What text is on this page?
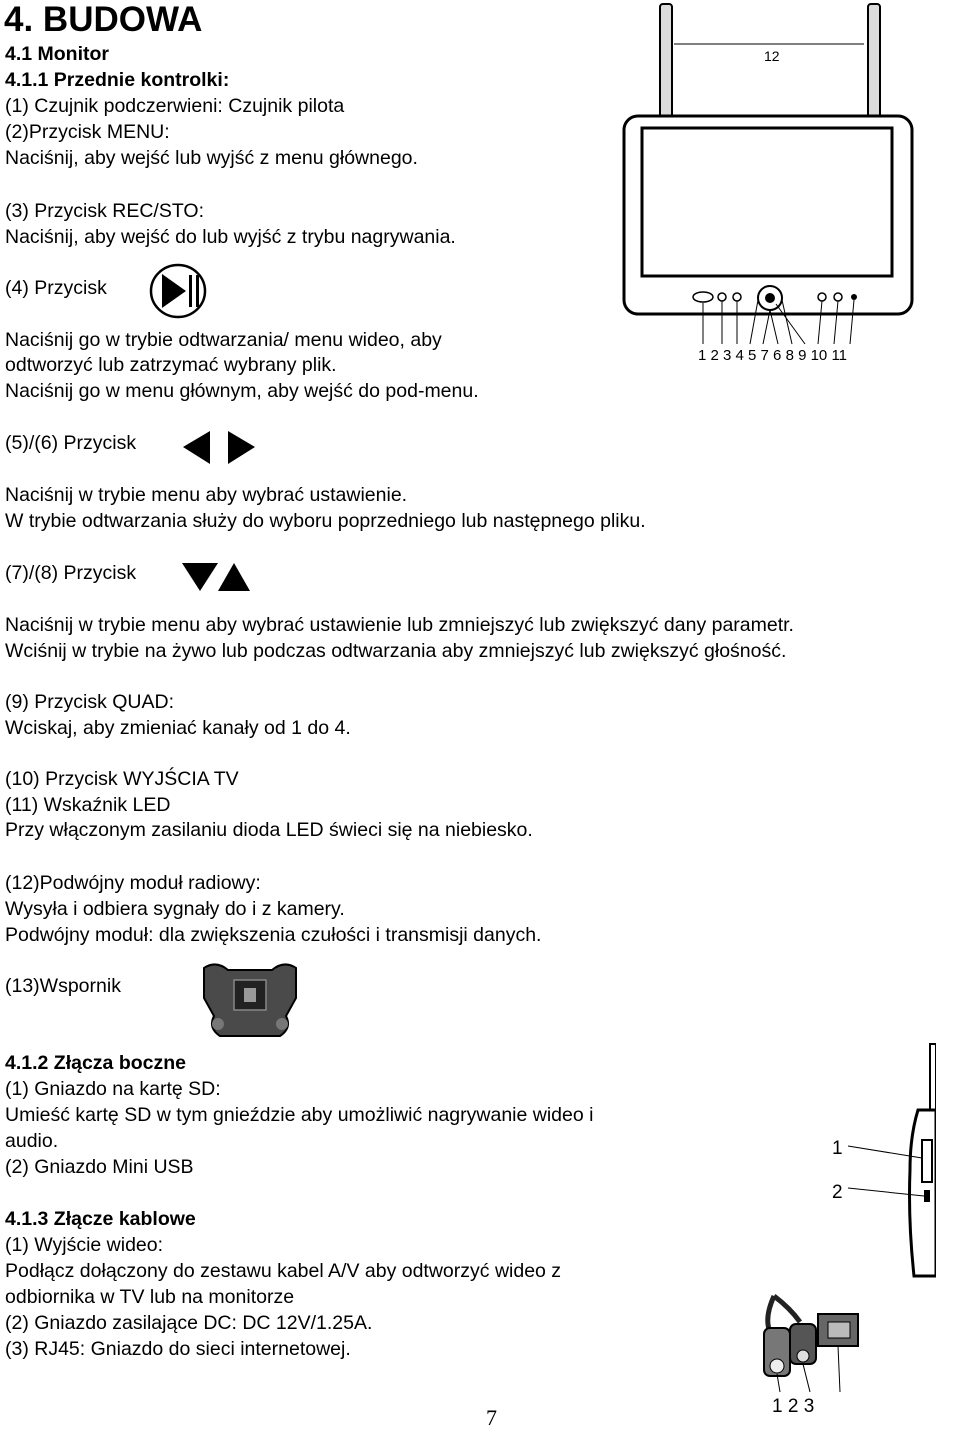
4. BUDOWA
4.1 Monitor
4.1.1 Przednie kontrolki:
(1) Czujnik podczerwieni: Czujnik pilota
(2)Przycisk MENU:
Naciśnij, aby wejść lub wyjść z menu głównego.
(3) Przycisk REC/STO:
Naciśnij, aby wejść do lub wyjść z trybu nagrywania.
(4) Przycisk
Naciśnij go w trybie odtwarzania/ menu wideo, aby
odtworzyć lub zatrzymać wybrany plik.
Naciśnij go w menu głównym, aby wejść do pod-menu.
(5)/(6) Przycisk
Naciśnij w trybie menu aby wybrać ustawienie.
W trybie odtwarzania służy do wyboru poprzedniego lub następnego pliku.
(7)/(8) Przycisk
Naciśnij w trybie menu aby wybrać ustawienie lub zmniejszyć lub zwiększyć dany parametr.
Wciśnij w trybie na żywo lub podczas odtwarzania aby zmniejszyć lub zwiększyć głośność.
(9) Przycisk QUAD:
Wciskaj, aby zmieniać kanały od 1 do 4.
(10) Przycisk WYJŚCIA TV
(11) Wskaźnik LED
Przy włączonym zasilaniu dioda LED świeci się na niebiesko.
(12)Podwójny moduł radiowy:
Wysyła i odbiera sygnały do i z kamery.
Podwójny moduł: dla zwiększenia czułości i transmisji danych.
(13)Wspornik
4.1.2 Złącza boczne
(1) Gniazdo na kartę SD:
Umieść kartę SD w tym gnieździe aby umożliwić nagrywanie wideo i
audio.
(2) Gniazdo Mini USB
4.1.3 Złącze kablowe
(1) Wyjście wideo:
Podłącz dołączony do zestawu kabel A/V aby odtworzyć wideo z
odbiornika w TV lub na monitorze
(2) Gniazdo zasilające DC: DC 12V/1.25A.
(3) RJ45: Gniazdo do sieci internetowej.
12
1 2 3 4 5 7 6 8 9 10 11
1
2
1 2 3
7
